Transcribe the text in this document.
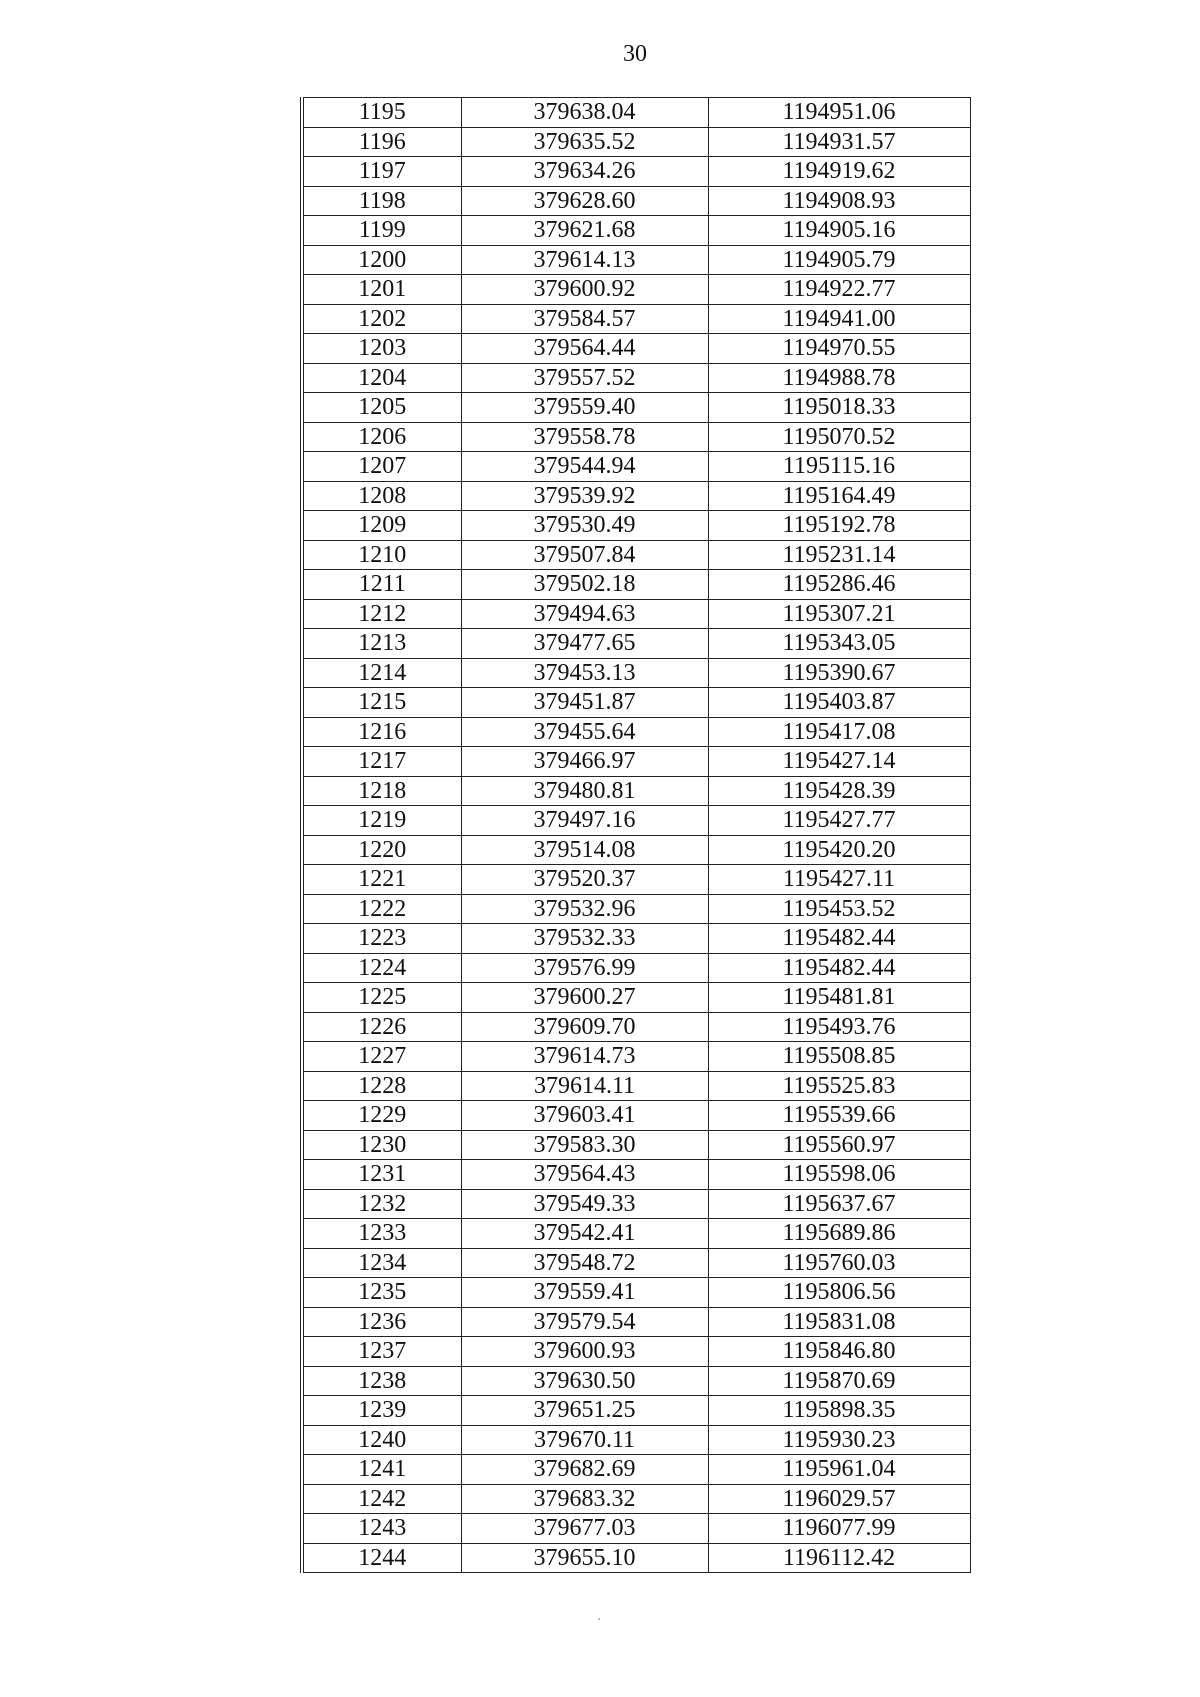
30
1195	379638.04	1194951.06
1196	379635.52	1194931.57
1197	379634.26	1194919.62
1198	379628.60	1194908.93
1199	379621.68	1194905.16
1200	379614.13	1194905.79
1201	379600.92	1194922.77
1202	379584.57	1194941.00
1203	379564.44	1194970.55
1204	379557.52	1194988.78
1205	379559.40	1195018.33
1206	379558.78	1195070.52
1207	379544.94	1195115.16
1208	379539.92	1195164.49
1209	379530.49	1195192.78
1210	379507.84	1195231.14
1211	379502.18	1195286.46
1212	379494.63	1195307.21
1213	379477.65	1195343.05
1214	379453.13	1195390.67
1215	379451.87	1195403.87
1216	379455.64	1195417.08
1217	379466.97	1195427.14
1218	379480.81	1195428.39
1219	379497.16	1195427.77
1220	379514.08	1195420.20
1221	379520.37	1195427.11
1222	379532.96	1195453.52
1223	379532.33	1195482.44
1224	379576.99	1195482.44
1225	379600.27	1195481.81
1226	379609.70	1195493.76
1227	379614.73	1195508.85
1228	379614.11	1195525.83
1229	379603.41	1195539.66
1230	379583.30	1195560.97
1231	379564.43	1195598.06
1232	379549.33	1195637.67
1233	379542.41	1195689.86
1234	379548.72	1195760.03
1235	379559.41	1195806.56
1236	379579.54	1195831.08
1237	379600.93	1195846.80
1238	379630.50	1195870.69
1239	379651.25	1195898.35
1240	379670.11	1195930.23
1241	379682.69	1195961.04
1242	379683.32	1196029.57
1243	379677.03	1196077.99
1244	379655.10	1196112.42
